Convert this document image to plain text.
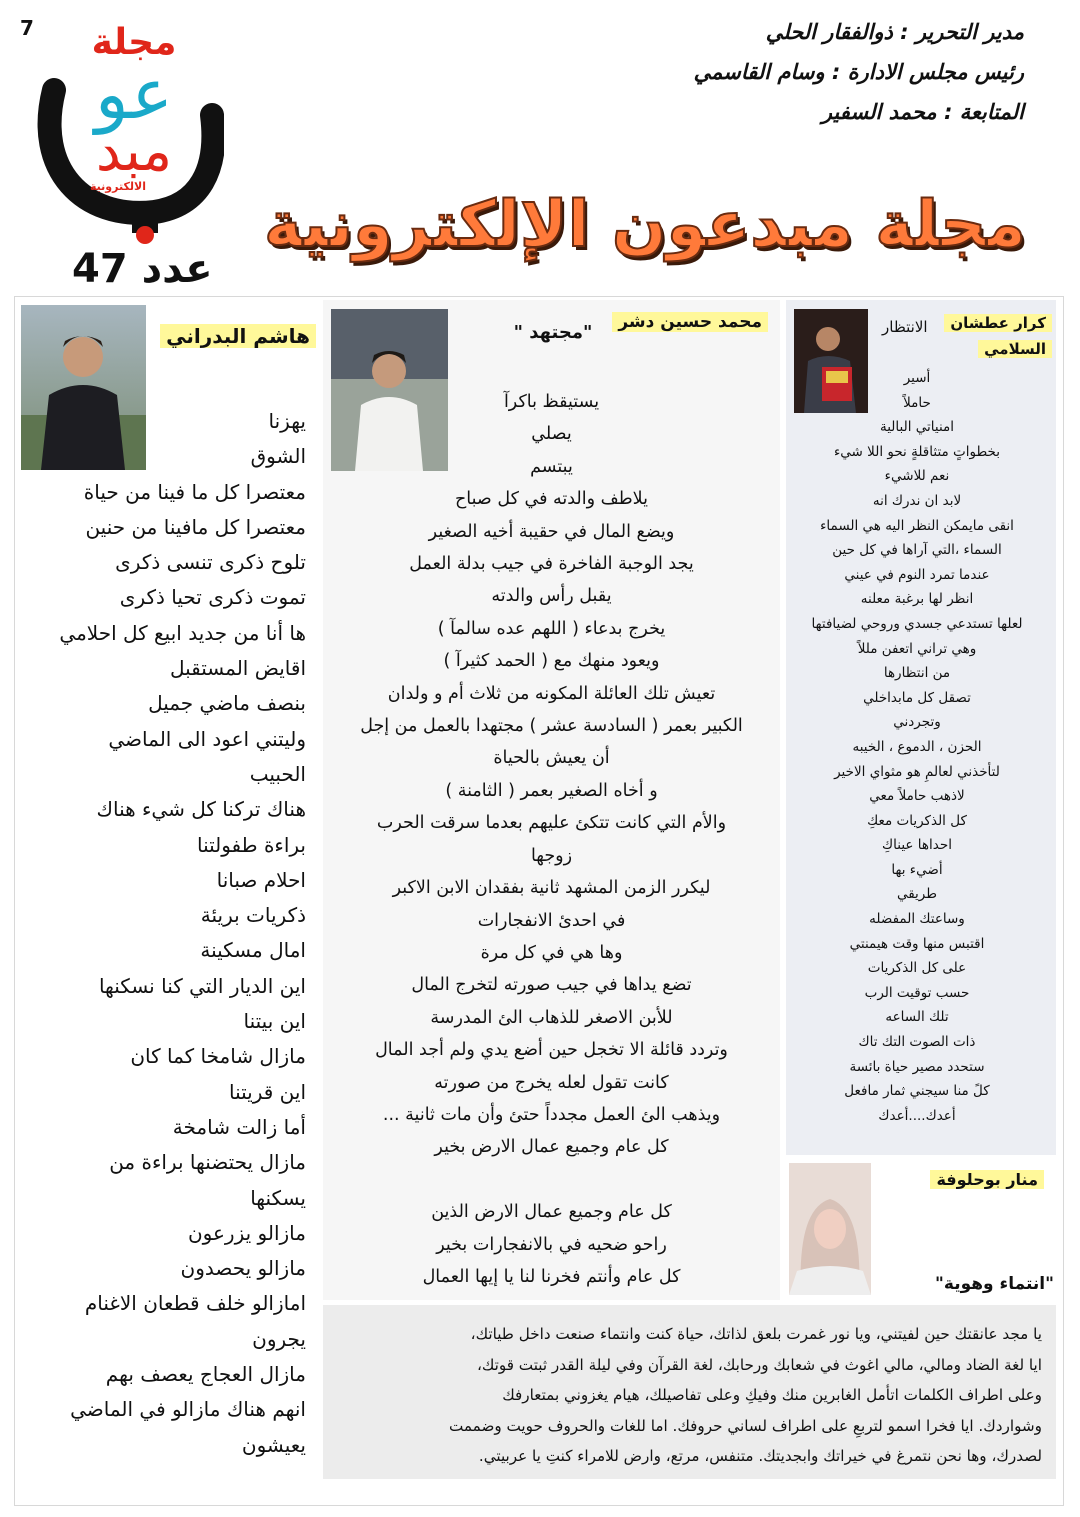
7	مدير التحرير : ذوالفقار الحلي
رئيس مجلس الادارة : وسام القاسمي
المتابعة : محمد السفير
مجلة
عو
مبد
الالكترونية
عدد 47
مجلة مبدعون الإلكترونية
هاشم البدراني
يهزنا
الشوق
معتصرا كل ما فينا من حياة
معتصرا كل مافينا من حنين
تلوح ذكرى تنسى ذكرى
تموت ذكرى تحيا ذكرى
ها أنا من جديد ابيع كل احلامي
اقايض المستقبل
بنصف ماضي جميل
وليتني اعود الى الماضي
الحبيب
هناك تركنا كل شيء هناك
براءة طفولتنا
احلام صبانا
ذكريات بريئة
امال مسكينة
اين الديار التي كنا نسكنها
اين بيتنا
مازال شامخا كما كان
اين قريتنا
أما زالت شامخة
مازال يحتضنها براءة من
يسكنها
مازالو يزرعون
مازالو يحصدون
امازالو خلف قطعان الاغنام
يجرون
مازال العجاج يعصف بهم
انهم هناك مازالو في الماضي
يعيشون
محمد حسين دشر
"مجتهد "
يستيقظ باكرآ
يصلي
يبتسم
يلاطف والدته في كل صباح
ويضع المال في حقيبة أخيه الصغير
يجد الوجبة الفاخرة في جيب بدلة العمل
يقبل رأس والدته
يخرج بدعاء ( اللهم عده سالمآ )
ويعود منهك مع ( الحمد كثيرآ )
تعيش تلك العائلة المكونه من ثلاث أم و ولدان
الكبير بعمر ( السادسة عشر ) مجتهدا بالعمل من إجل
أن يعيش بالحياة
و أخاه الصغير بعمر ( الثامنة )
والأم التي كانت تتكئ عليهم بعدما سرقت الحرب
زوجها
ليكرر الزمن المشهد ثانية بفقدان الابن الاكبر
في احدئ الانفجارات
وها هي في كل مرة
تضع يداها في جيب صورته لتخرج المال
للأبن الاصغر للذهاب الئ المدرسة
وتردد قائلة الا تخجل حين أضع يدي ولم أجد المال
كانت تقول لعله يخرج من صورته
ويذهب الئ العمل مجدداً حتئ وأن مات ثانية ...
كل عام وجميع عمال الارض بخير

كل عام وجميع عمال الارض الذين
راحو ضحيه في بالانفجارات بخير
كل عام وأنتم فخرنا لنا يا إيها العمال
كرار عطشان
السلامي
الانتظار
أسير
حاملاً
امنياتي البالية
بخطواتٍ متثاقلةٍ نحو اللا شيء
نعم للاشيء
لابد ان ندرك انه
انقى مايمكن النظر اليه هي السماء
السماء ،التي آراها في كل حين
عندما تمرد النوم في عيني
انظر لها برغبة معلنه
لعلها تستدعي جسدي وروحي لضيافتها
وهي تراني اتعفن مللاً
من انتظارها
تصقل كل مابداخلي
وتجردني
الحزن ، الدموع ، الخيبه
لتأخذني لعالمِ هو مثواي الاخير
لاذهب حاملاً معي
كل الذكريات معكِ
احداها عيناكِ
أضيء بها
طريقي
وساعتك المفضله
اقتبس منها وقت هيمنتي
على كل الذكريات
حسب توقيت الرب
تلك الساعه
ذات الصوت التك تاك
ستحدد مصير حياة بائسة
كلً منا سيجني ثمار مافعل
أعدك....أعدك
منار بوحلوفة
"انتماء وهوية"
يا مجد عانقتك حين لفيتني، ويا نور غمرت بلعق لذاتك، حياة كنت وانتماء صنعت داخل طياتك،
ايا لغة الضاد ومالي، مالي اغوث في شعابك ورحابك، لغة القرآن وفي ليلة القدر ثبتت قوتك،
وعلى اطراف الكلمات اتأمل الغابرين منك وفيكِ وعلى تفاصيلك، هيام يغزوني بمتعارفك
وشواردك. ايا فخرا اسمو لتربعِ على اطراف لساني حروفك. اما للغات والحروف حويت وضممت
لصدرك، وها نحن نتمرغ في خيراتك وابجديتك. متنفس، مرتع، وارض للامراء كنتِ يا عربيتي.
